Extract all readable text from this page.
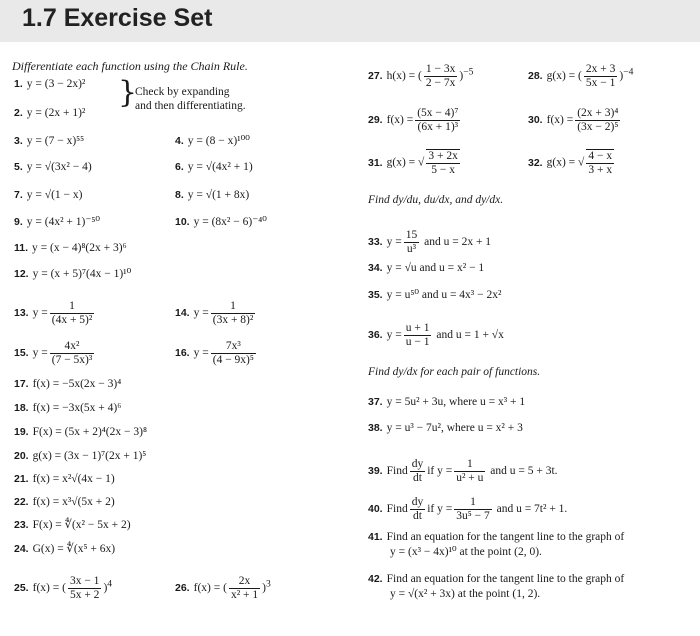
1.7 Exercise Set
Differentiate each function using the Chain Rule.
1. y = (3 − 2x)²
2. y = (2x + 1)²
}
Check by expanding
and then differentiating.
3. y = (7 − x)⁵⁵	4. y = (8 − x)¹⁰⁰
5. y = √(3x² − 4)	6. y = √(4x² + 1)
7. y = √(1 − x)	8. y = √(1 + 8x)
9. y = (4x² + 1)⁻⁵⁰	10. y = (8x² − 6)⁻⁴⁰
11. y = (x − 4)⁸(2x + 3)⁶
12. y = (x + 5)⁷(4x − 1)¹⁰
13. $y = \frac{1}{\text{(4x + 5)²}}$	14. $y = \frac{1}{\text{(3x + 8)²}}$
15. $y = \frac{\text{4x²}}{\text{(7 − 5x)³}}$	16. $y = \frac{\text{7x³}}{\text{(4 − 9x)⁵}}$
17. f(x) = −5x(2x − 3)⁴
18. f(x) = −3x(5x + 4)⁶
19. F(x) = (5x + 2)⁴(2x − 3)⁸
20. g(x) = (3x − 1)⁷(2x + 1)⁵
21. f(x) = x²√(4x − 1)
22. f(x) = x³√(5x + 2)
23. F(x) = ∜(x² − 5x + 2)
24. G(x) = ∜(x⁵ + 6x)
25. f(x) = ( $\frac{3x - 1}{5x + 2} )^4$	26. f(x) = ( $\frac{2x}{\text{x² + 1}} )^3$
27. h(x) = ( $\frac{1 - 3x}{2 - 7x} )^{-5}$	28. g(x) = ( $\frac{2x + 3}{5x - 1} )^{-4}$
29. $f(x) = \frac{\text{(5x − 4)⁷}}{\text{(6x + 1)³}}$	30. $f(x) = \frac{\text{(2x + 3)⁴}}{\text{(3x − 2)⁵}}$
31. g(x) = √ $\frac{3 + 2x}{5 - x}$	32. g(x) = √ $\frac{4 - x}{3 + x}$
Find dy/du, du/dx, and dy/dx.
33. $y = \frac{15}{\text{u³}}$ and u = 2x + 1
34. y = √u and u = x² − 1
35. y = u⁵⁰ and u = 4x³ − 2x²
36. $y = \frac{u + 1}{u - 1}$ and u = 1 + √x
Find dy/dx for each pair of functions.
37. y = 5u² + 3u, where u = x³ + 1
38. y = u³ − 7u², where u = x² + 3
39. Find $\frac{dy}{dt}$ if $y = \frac{1}{\text{u² + u}}$ and u = 5 + 3t.
40. Find $\frac{dy}{dt}$ if $y = \frac{1}{\text{3u⁵ − 7}}$ and u = 7t² + 1.
41. Find an equation for the tangent line to the graph of
y = (x³ − 4x)¹⁰ at the point (2, 0).
42. Find an equation for the tangent line to the graph of
y = √(x² + 3x) at the point (1, 2).
